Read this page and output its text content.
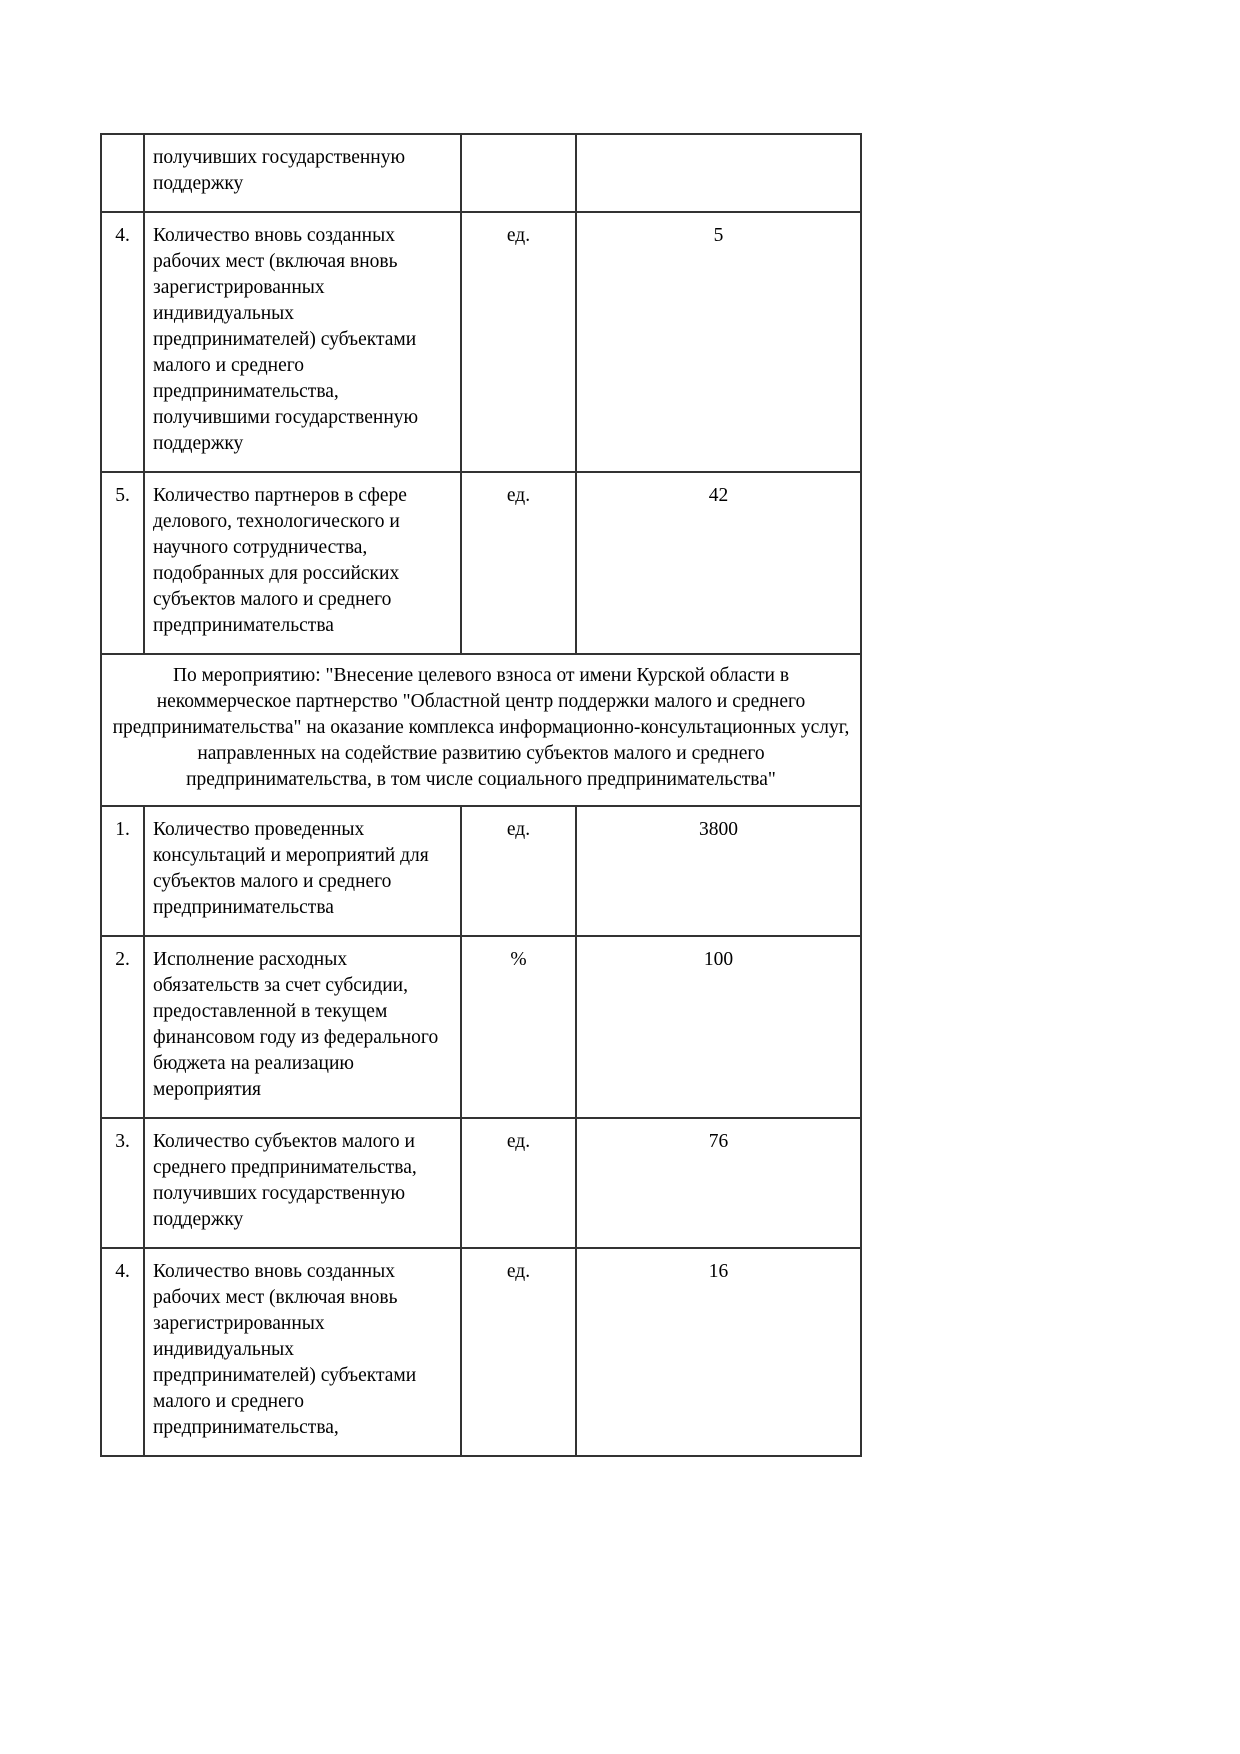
	получивших государственную поддержку		
4.	Количество вновь созданных рабочих мест (включая вновь зарегистрированных индивидуальных предпринимателей) субъектами малого и среднего предпринимательства, получившими государственную поддержку	ед.	5
5.	Количество партнеров в сфере делового, технологического и научного сотрудничества, подобранных для российских субъектов малого и среднего предпринимательства	ед.	42
По мероприятию: "Внесение целевого взноса от имени Курской области в некоммерческое партнерство "Областной центр поддержки малого и среднего предпринимательства" на оказание комплекса информационно-консультационных услуг, направленных на содействие развитию субъектов малого и среднего предпринимательства, в том числе социального предпринимательства"			
1.	Количество проведенных консультаций и мероприятий для субъектов малого и среднего предпринимательства	ед.	3800
2.	Исполнение расходных обязательств за счет субсидии, предоставленной в текущем финансовом году из федерального бюджета на реализацию мероприятия	%	100
3.	Количество субъектов малого и среднего предпринимательства, получивших государственную поддержку	ед.	76
4.	Количество вновь созданных рабочих мест (включая вновь зарегистрированных индивидуальных предпринимателей) субъектами малого и среднего предпринимательства,	ед.	16
